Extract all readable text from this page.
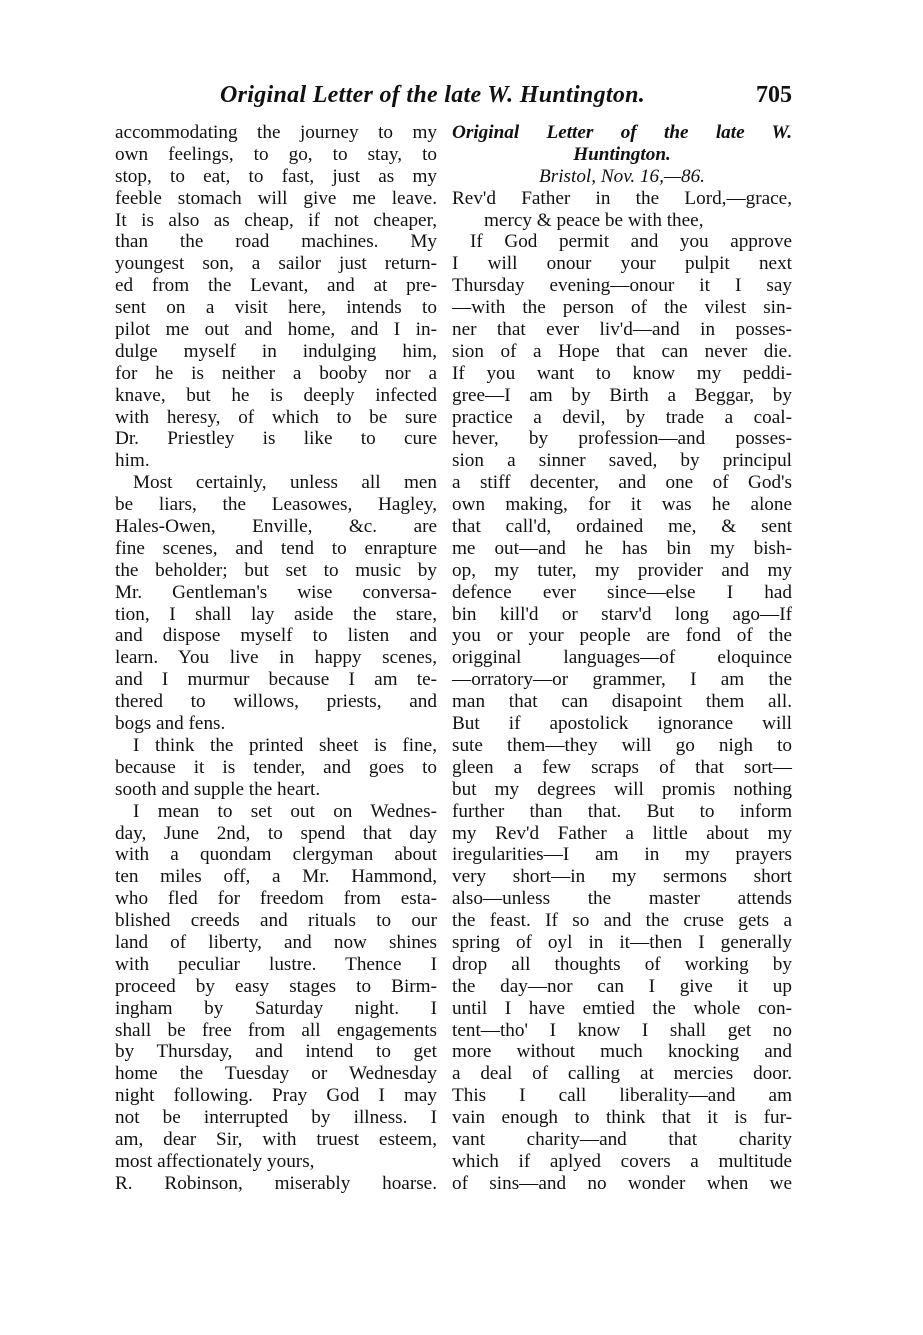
Original Letter of the late W. Huntington.	705
accommodating the journey to my
own feelings, to go, to stay, to
stop, to eat, to fast, just as my
feeble stomach will give me leave.
It is also as cheap, if not cheaper,
than the road machines. My
youngest son, a sailor just return-
ed from the Levant, and at pre-
sent on a visit here, intends to
pilot me out and home, and I in-
dulge myself in indulging him,
for he is neither a booby nor a
knave, but he is deeply infected
with heresy, of which to be sure
Dr. Priestley is like to cure
him.
Most certainly, unless all men
be liars, the Leasowes, Hagley,
Hales-Owen, Enville, &c. are
fine scenes, and tend to enrapture
the beholder; but set to music by
Mr. Gentleman's wise conversa-
tion, I shall lay aside the stare,
and dispose myself to listen and
learn. You live in happy scenes,
and I murmur because I am te-
thered to willows, priests, and
bogs and fens.
I think the printed sheet is fine,
because it is tender, and goes to
sooth and supple the heart.
I mean to set out on Wednes-
day, June 2nd, to spend that day
with a quondam clergyman about
ten miles off, a Mr. Hammond,
who fled for freedom from esta-
blished creeds and rituals to our
land of liberty, and now shines
with peculiar lustre. Thence I
proceed by easy stages to Birm-
ingham by Saturday night. I
shall be free from all engagements
by Thursday, and intend to get
home the Tuesday or Wednesday
night following. Pray God I may
not be interrupted by illness. I
am, dear Sir, with truest esteem,
most affectionately yours,
R. Robinson, miserably hoarse.
Original Letter of the late W.
Huntington.
Bristol, Nov. 16,—86.
Rev'd Father in the Lord,—grace,
mercy & peace be with thee,
If God permit and you approve
I will onour your pulpit next
Thursday evening—onour it I say
—with the person of the vilest sin-
ner that ever liv'd—and in posses-
sion of a Hope that can never die.
If you want to know my peddi-
gree—I am by Birth a Beggar, by
practice a devil, by trade a coal-
hever, by profession—and posses-
sion a sinner saved, by principul
a stiff decenter, and one of God's
own making, for it was he alone
that call'd, ordained me, & sent
me out—and he has bin my bish-
op, my tuter, my provider and my
defence ever since—else I had
bin kill'd or starv'd long ago—If
you or your people are fond of the
origginal languages—of eloquince
—orratory—or grammer, I am the
man that can disapoint them all.
But if apostolick ignorance will
sute them—they will go nigh to
gleen a few scraps of that sort—
but my degrees will promis nothing
further than that. But to inform
my Rev'd Father a little about my
iregularities—I am in my prayers
very short—in my sermons short
also—unless the master attends
the feast. If so and the cruse gets a
spring of oyl in it—then I generally
drop all thoughts of working by
the day—nor can I give it up
until I have emtied the whole con-
tent—tho' I know I shall get no
more without much knocking and
a deal of calling at mercies door.
This I call liberality—and am
vain enough to think that it is fur-
vant charity—and that charity
which if aplyed covers a multitude
of sins—and no wonder when we
